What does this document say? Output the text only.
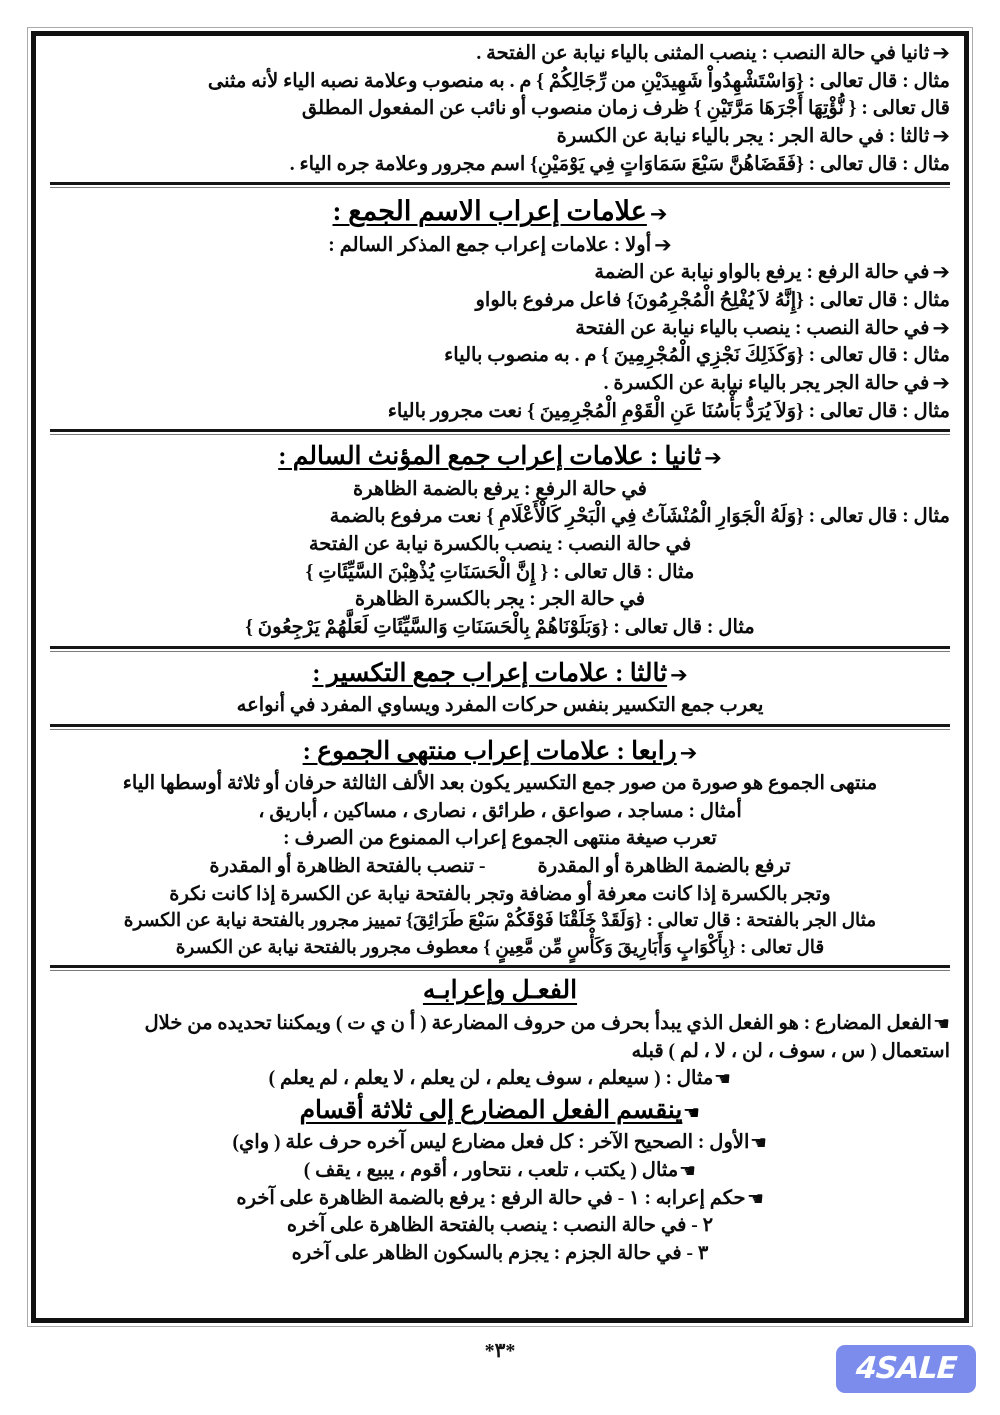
➔ثانيا في حالة النصب : ينصب المثنى بالياء نيابة عن الفتحة .
مثال : قال تعالى : {وَاسْتَشْهِدُواْ شَهِيدَيْنِ من رِّجَالِكُمْ } م . به منصوب وعلامة نصبه الياء لأنه مثنى
قال تعالى : { نُّؤْتِهَا أَجْرَهَا مَرَّتَيْنِ } ظرف زمان منصوب أو نائب عن المفعول المطلق
➔ثالثا : في حالة الجر : يجر بالياء نيابة عن الكسرة
مثال : قال تعالى : {فَقَضَاهُنَّ سَبْعَ سَمَاوَاتٍ فِي يَوْمَيْنِ} اسم مجرور وعلامة جره الياء .
➔علامات إعراب الاسم الجمع :
➔أولا : علامات إعراب جمع المذكر السالم :
➔في حالة الرفع : يرفع بالواو نيابة عن الضمة
مثال : قال تعالى : {إِنَّهُ لاَ يُفْلِحُ الْمُجْرِمُونَ} فاعل مرفوع بالواو
➔في حالة النصب : ينصب بالياء نيابة عن الفتحة
مثال : قال تعالى : {وَكَذَلِكَ نَجْزِي الْمُجْرِمِينَ } م . به منصوب بالياء
➔في حالة الجر يجر بالياء نيابة عن الكسرة .
مثال : قال تعالى : {وَلاَ يُرَدُّ بَأْسُنَا عَنِ الْقَوْمِ الْمُجْرِمِينَ } نعت مجرور بالياء
➔ثانيا : علامات إعراب جمع المؤنث السالم :
في حالة الرفع : يرفع بالضمة الظاهرة
مثال : قال تعالى : {وَلَهُ الْجَوَارِ الْمُنْشَآتُ فِي الْبَحْرِ كَالْأَعْلَامِ } نعت مرفوع بالضمة
في حالة النصب : ينصب بالكسرة نيابة عن الفتحة
مثال : قال تعالى : { إِنَّ الْحَسَنَاتِ يُذْهِبْنَ السَّيِّئَاتِ }
في حالة الجر : يجر بالكسرة الظاهرة
مثال : قال تعالى : {وَبَلَوْنَاهُمْ بِالْحَسَنَاتِ وَالسَّيِّئَاتِ لَعَلَّهُمْ يَرْجِعُونَ }
➔ثالثا : علامات إعراب جمع التكسير :
يعرب جمع التكسير بنفس حركات المفرد ويساوي المفرد في أنواعه
➔رابعا : علامات إعراب منتهى الجموع :
منتهى الجموع هو صورة من صور جمع التكسير يكون بعد الألف الثالثة حرفان أو ثلاثة أوسطها الياء
أمثال : مساجد ، صواعق ، طرائق ، نصارى ، مساكين ، أباريق ،
تعرب صيغة منتهى الجموع إعراب الممنوع من الصرف :
ترفع بالضمة الظاهرة أو المقدرة- تنصب بالفتحة الظاهرة أو المقدرة
وتجر بالكسرة إذا كانت معرفة أو مضافة وتجر بالفتحة نيابة عن الكسرة إذا كانت نكرة
مثال الجر بالفتحة : قال تعالى : {وَلَقَدْ خَلَقْنَا فَوْقَكُمْ سَبْعَ طَرَائِقَ} تمييز مجرور بالفتحة نيابة عن الكسرة
قال تعالى : {بِأَكْوَابٍ وَأَبَارِيقَ وَكَأْسٍ مِّن مَّعِينٍ } معطوف مجرور بالفتحة نيابة عن الكسرة
الفعـل وإعرابـه
☛الفعل المضارع : هو الفعل الذي يبدأ بحرف من حروف المضارعة ( أ ن ي ت ) ويمكننا تحديده من خلال
استعمال ( س ، سوف ، لن ، لا ، لم ) قبله
☛مثال : ( سيعلم ، سوف يعلم ، لن يعلم ، لا يعلم ، لم يعلم )
☛ينقسم الفعل المضارع إلى ثلاثة أقسام
☛الأول : الصحيح الآخر : كل فعل مضارع ليس آخره حرف علة ( واي)
☛مثال ( يكتب ، تلعب ، نتحاور ، أقوم ، يبيع ، يقف )
☛حكم إعرابه : ١ - في حالة الرفع : يرفع بالضمة الظاهرة على آخره
٢ - في حالة النصب : ينصب بالفتحة الظاهرة على آخره
٣ - في حالة الجزم : يجزم بالسكون الظاهر على آخره
*٣*	4SALE
